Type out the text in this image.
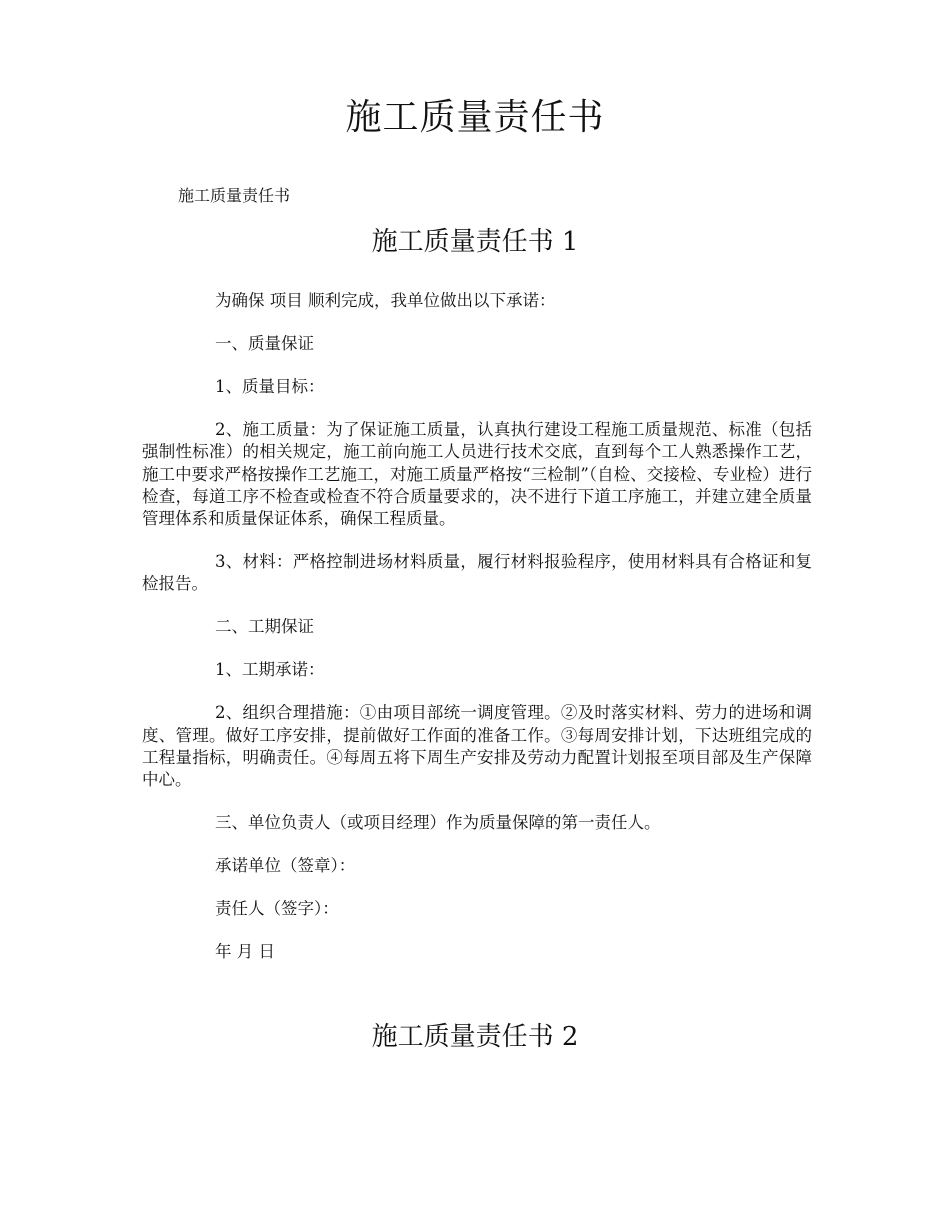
施工质量责任书
施工质量责任书
施工质量责任书 1

为确保 项目 顺利完成，我单位做出以下承诺：

一、质量保证

1、质量目标：

2、施工质量：为了保证施工质量，认真执行建设工程施工质量规范、标准（包括强制性标准）的相关规定，施工前向施工人员进行技术交底，直到每个工人熟悉操作工艺，施工中要求严格按操作工艺施工，对施工质量严格按“三检制”（自检、交接检、专业检）进行检查，每道工序不检查或检查不符合质量要求的，决不进行下道工序施工，并建立建全质量管理体系和质量保证体系，确保工程质量。

3、材料：严格控制进场材料质量，履行材料报验程序，使用材料具有合格证和复检报告。

二、工期保证

1、工期承诺：

2、组织合理措施：①由项目部统一调度管理。②及时落实材料、劳力的进场和调度、管理。做好工序安排，提前做好工作面的准备工作。③每周安排计划，下达班组完成的工程量指标，明确责任。④每周五将下周生产安排及劳动力配置计划报至项目部及生产保障中心。

三、单位负责人（或项目经理）作为质量保障的第一责任人。

承诺单位（签章）：

责任人（签字）：

年 月 日

施工质量责任书 2
